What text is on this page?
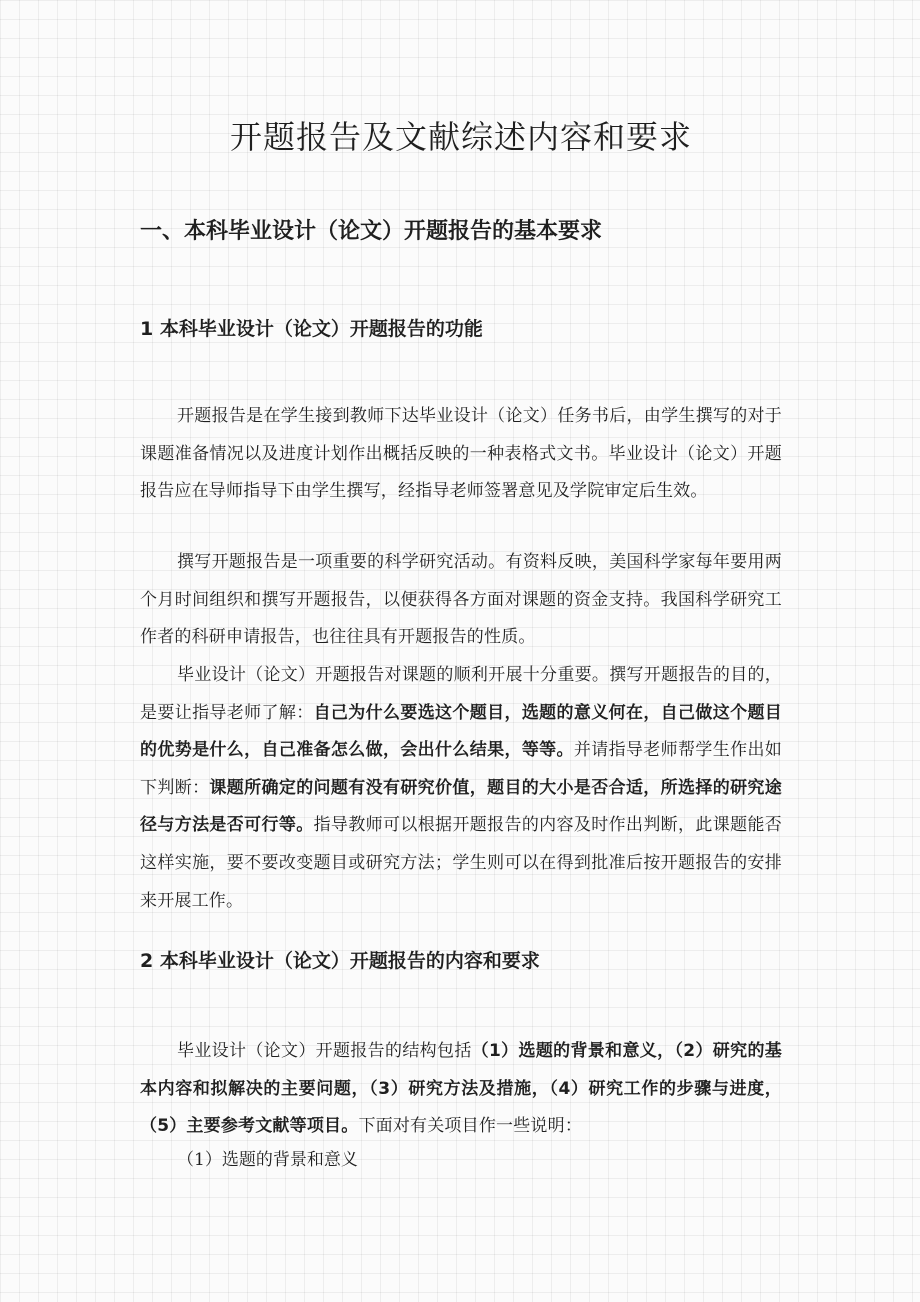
开题报告及文献综述内容和要求
一、本科毕业设计（论文）开题报告的基本要求
1 本科毕业设计（论文）开题报告的功能

开题报告是在学生接到教师下达毕业设计（论文）任务书后，由学生撰写的对于课题准备情况以及进度计划作出概括反映的一种表格式文书。毕业设计（论文）开题报告应在导师指导下由学生撰写，经指导老师签署意见及学院审定后生效。

撰写开题报告是一项重要的科学研究活动。有资料反映，美国科学家每年要用两个月时间组织和撰写开题报告，以便获得各方面对课题的资金支持。我国科学研究工作者的科研申请报告，也往往具有开题报告的性质。

毕业设计（论文）开题报告对课题的顺利开展十分重要。撰写开题报告的目的，是要让指导老师了解：自己为什么要选这个题目，选题的意义何在，自己做这个题目的优势是什么，自己准备怎么做，会出什么结果，等等。并请指导老师帮学生作出如下判断：课题所确定的问题有没有研究价值，题目的大小是否合适，所选择的研究途径与方法是否可行等。指导教师可以根据开题报告的内容及时作出判断，此课题能否这样实施，要不要改变题目或研究方法；学生则可以在得到批准后按开题报告的安排来开展工作。

2 本科毕业设计（论文）开题报告的内容和要求

毕业设计（论文）开题报告的结构包括（1）选题的背景和意义，（2）研究的基本内容和拟解决的主要问题，（3）研究方法及措施，（4）研究工作的步骤与进度，（5）主要参考文献等项目。下面对有关项目作一些说明：

（1）选题的背景和意义
